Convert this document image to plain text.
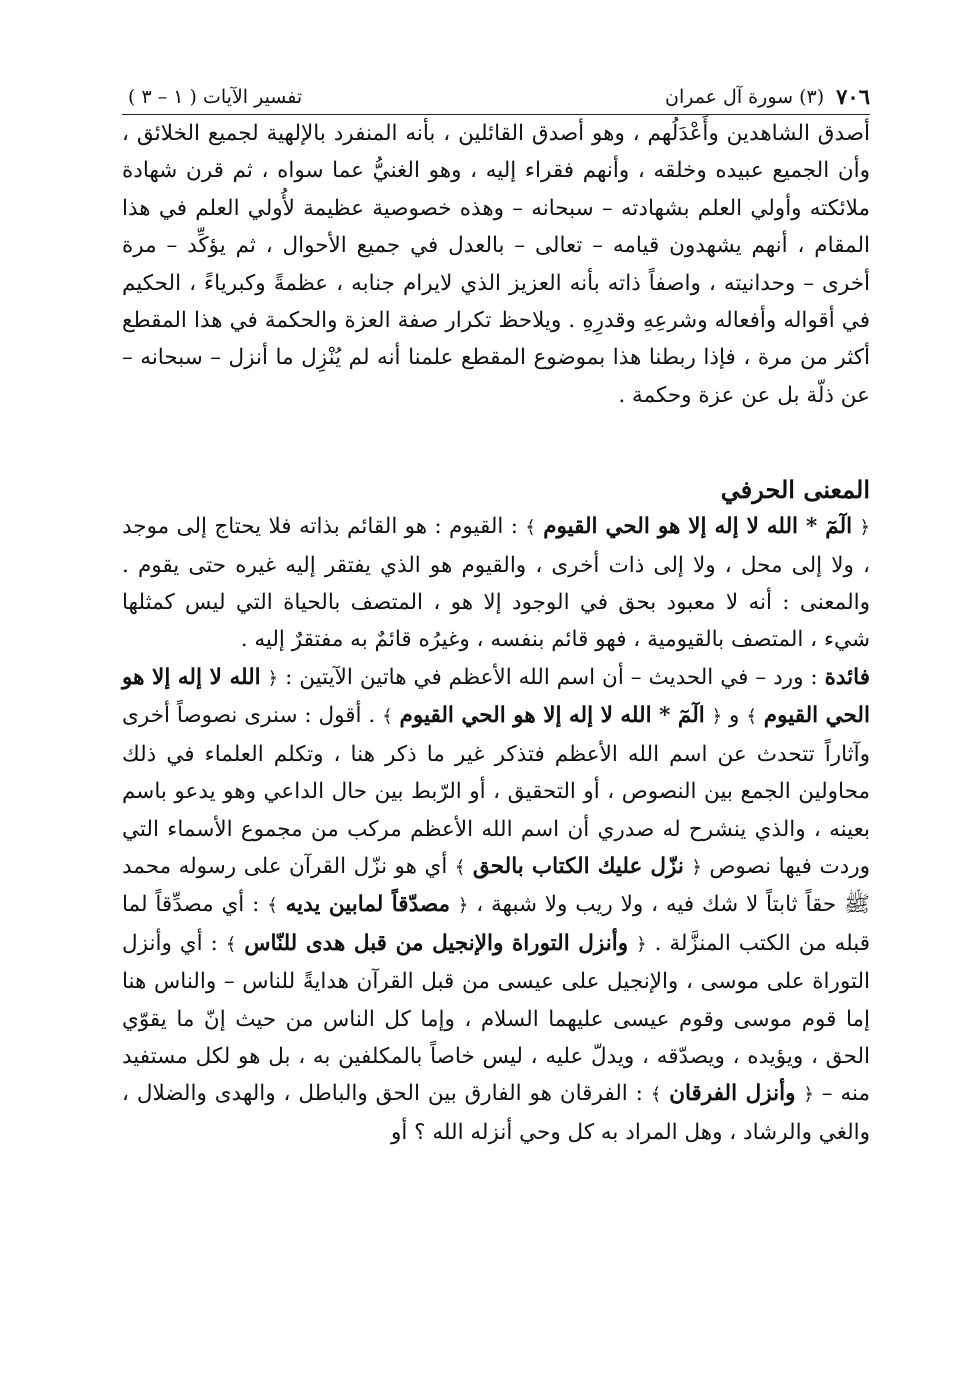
٧٠٦
(٣) سورة آل عمران
تفسير الآيات ( ١ – ٣ )

أصدق الشاهدين وأَعْدَلُهم ، وهو أصدق القائلين ، بأنه المنفرد بالإلهية لجميع الخلائق ، وأن الجميع عبيده وخلقه ، وأنهم فقراء إليه ، وهو الغنيُّ عما سواه ، ثم قرن شهادة ملائكته وأولي العلم بشهادته – سبحانه – وهذه خصوصية عظيمة لأُولي العلم في هذا المقام ، أنهم يشهدون قيامه – تعالى – بالعدل في جميع الأحوال ، ثم يؤكِّد – مرة أخرى – وحدانيته ، واصفاً ذاته بأنه العزيز الذي لايرام جنابه ، عظمةً وكبرياءً ، الحكيم في أقواله وأفعاله وشرعِهِ وقدرِهِ . ويلاحظ تكرار صفة العزة والحكمة في هذا المقطع أكثر من مرة ، فإذا ربطنا هذا بموضوع المقطع علمنا أنه لم يُنْزِل ما أنزل – سبحانه – عن ذلّة بل عن عزة وحكمة .

المعنى الحرفي

﴿ الٓمٓ * الله لا إله إلا هو الحي القيوم ﴾ : القيوم : هو القائم بذاته فلا يحتاج إلى موجد ، ولا إلى محل ، ولا إلى ذات أخرى ، والقيوم هو الذي يفتقر إليه غيره حتى يقوم . والمعنى : أنه لا معبود بحق في الوجود إلا هو ، المتصف بالحياة التي ليس كمثلها شيء ، المتصف بالقيومية ، فهو قائم بنفسه ، وغيرُه قائمٌ به مفتقرٌ إليه .

فائدة : ورد – في الحديث – أن اسم الله الأعظم في هاتين الآيتين : ﴿ الله لا إله إلا هو الحي القيوم ﴾ و ﴿ الٓمٓ * الله لا إله إلا هو الحي القيوم ﴾ . أقول : سنرى نصوصاً أخرى وآثاراً تتحدث عن اسم الله الأعظم فتذكر غير ما ذكر هنا ، وتكلم العلماء في ذلك محاولين الجمع بين النصوص ، أو التحقيق ، أو الرّبط بين حال الداعي وهو يدعو باسم بعينه ، والذي ينشرح له صدري أن اسم الله الأعظم مركب من مجموع الأسماء التي وردت فيها نصوص ﴿ نزّل عليك الكتاب بالحق ﴾ أي هو نزّل القرآن على رسوله محمد ﷺ حقاً ثابتاً لا شك فيه ، ولا ريب ولا شبهة ، ﴿ مصدّقاً لمابين يديه ﴾ : أي مصدِّقاً لما قبله من الكتب المنزَّلة . ﴿ وأنزل التوراة والإنجيل من قبل هدى للنّاس ﴾ : أي وأنزل التوراة على موسى ، والإنجيل على عيسى من قبل القرآن هدايةً للناس – والناس هنا إما قوم موسى وقوم عيسى عليهما السلام ، وإما كل الناس من حيث إنّ ما يقوّي الحق ، ويؤيده ، ويصدّقه ، ويدلّ عليه ، ليس خاصاً بالمكلفين به ، بل هو لكل مستفيد منه – ﴿ وأنزل الفرقان ﴾ : الفرقان هو الفارق بين الحق والباطل ، والهدى والضلال ، والغي والرشاد ، وهل المراد به كل وحي أنزله الله ؟ أو
